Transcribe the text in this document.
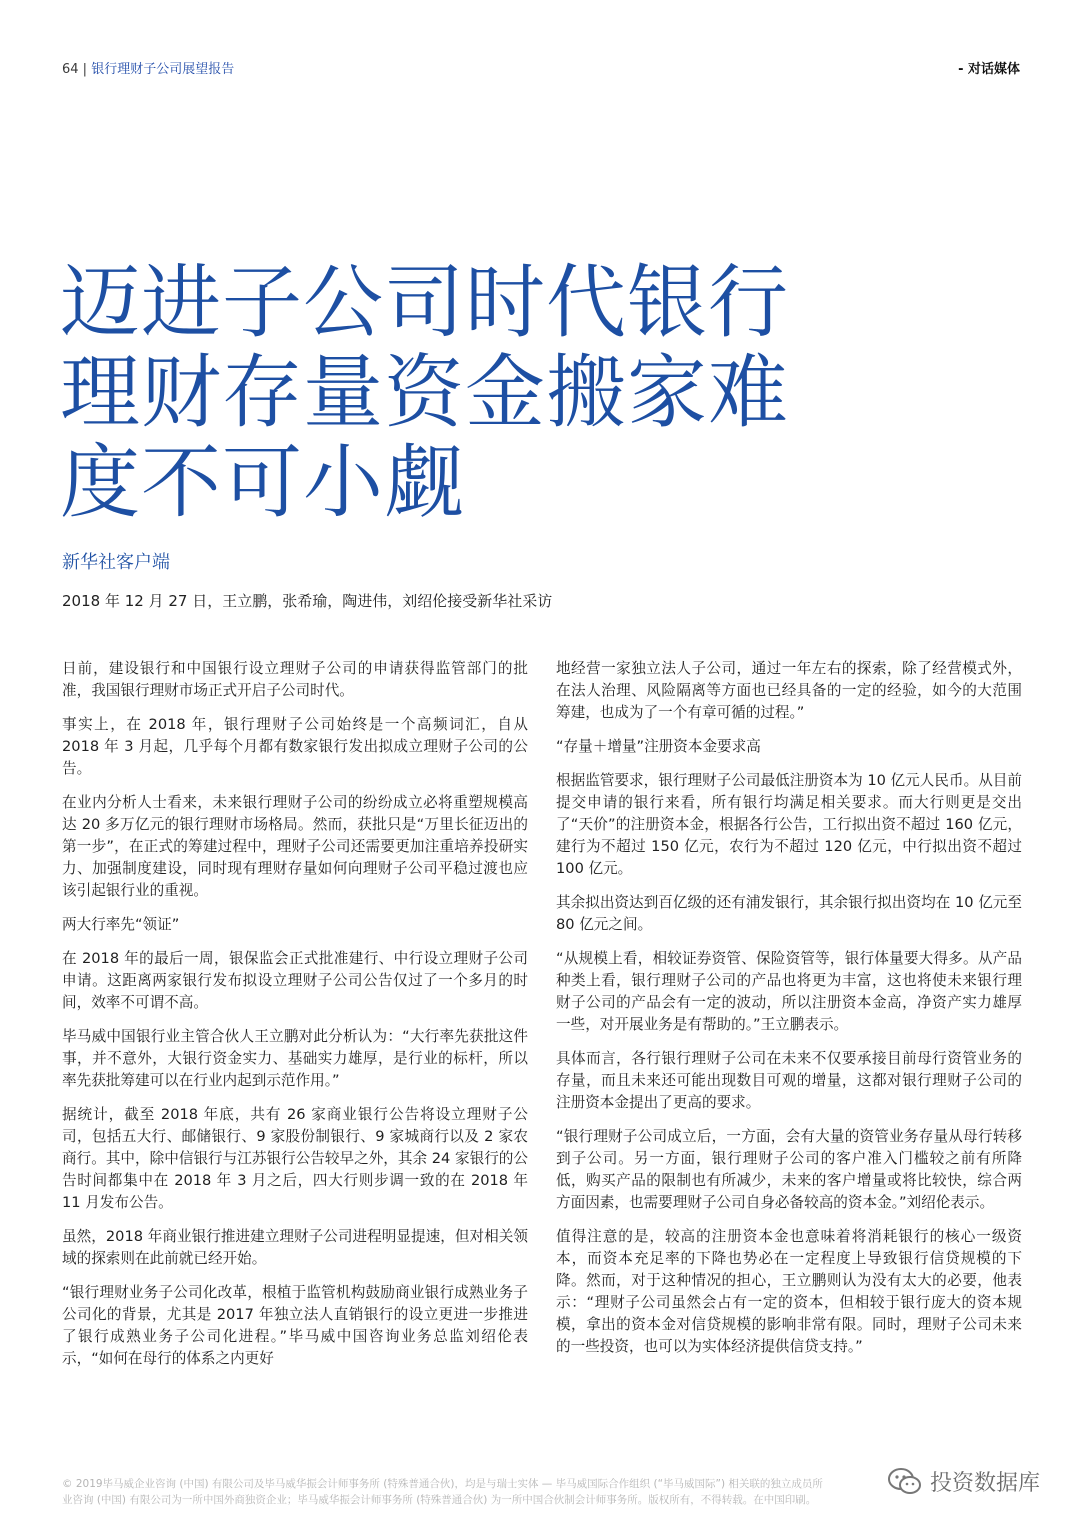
64 | 银行理财子公司展望报告	- 对话媒体
迈进子公司时代银行
理财存量资金搬家难
度不可小觑
新华社客户端
2018 年 12 月 27 日，王立鹏，张希瑜，陶进伟，刘绍伦接受新华社采访

日前，建设银行和中国银行设立理财子公司的申请获得监管部门的批准，我国银行理财市场正式开启子公司时代。

事实上，在 2018 年，银行理财子公司始终是一个高频词汇，自从 2018 年 3 月起，几乎每个月都有数家银行发出拟成立理财子公司的公告。

在业内分析人士看来，未来银行理财子公司的纷纷成立必将重塑规模高达 20 多万亿元的银行理财市场格局。然而，获批只是“万里长征迈出的第一步”，在正式的筹建过程中，理财子公司还需要更加注重培养投研实力、加强制度建设，同时现有理财存量如何向理财子公司平稳过渡也应该引起银行业的重视。

两大行率先“领证”

在 2018 年的最后一周，银保监会正式批准建行、中行设立理财子公司申请。这距离两家银行发布拟设立理财子公司公告仅过了一个多月的时间，效率不可谓不高。

毕马威中国银行业主管合伙人王立鹏对此分析认为：“大行率先获批这件事，并不意外，大银行资金实力、基础实力雄厚，是行业的标杆，所以率先获批筹建可以在行业内起到示范作用。”

据统计，截至 2018 年底，共有 26 家商业银行公告将设立理财子公司，包括五大行、邮储银行、9 家股份制银行、9 家城商行以及 2 家农商行。其中，除中信银行与江苏银行公告较早之外，其余 24 家银行的公告时间都集中在 2018 年 3 月之后，四大行则步调一致的在 2018 年 11 月发布公告。

虽然，2018 年商业银行推进建立理财子公司进程明显提速，但对相关领域的探索则在此前就已经开始。

“银行理财业务子公司化改革，根植于监管机构鼓励商业银行成熟业务子公司化的背景，尤其是 2017 年独立法人直销银行的设立更进一步推进了银行成熟业务子公司化进程。”毕马威中国咨询业务总监刘绍伦表示，“如何在母行的体系之内更好

地经营一家独立法人子公司，通过一年左右的探索，除了经营模式外，在法人治理、风险隔离等方面也已经具备的一定的经验，如今的大范围筹建，也成为了一个有章可循的过程。”

“存量＋增量”注册资本金要求高

根据监管要求，银行理财子公司最低注册资本为 10 亿元人民币。从目前提交申请的银行来看，所有银行均满足相关要求。而大行则更是交出了“天价”的注册资本金，根据各行公告，工行拟出资不超过 160 亿元，建行为不超过 150 亿元，农行为不超过 120 亿元，中行拟出资不超过 100 亿元。

其余拟出资达到百亿级的还有浦发银行，其余银行拟出资均在 10 亿元至 80 亿元之间。

“从规模上看，相较证券资管、保险资管等，银行体量要大得多。从产品种类上看，银行理财子公司的产品也将更为丰富，这也将使未来银行理财子公司的产品会有一定的波动，所以注册资本金高，净资产实力雄厚一些，对开展业务是有帮助的。”王立鹏表示。

具体而言，各行银行理财子公司在未来不仅要承接目前母行资管业务的存量，而且未来还可能出现数目可观的增量，这都对银行理财子公司的注册资本金提出了更高的要求。

“银行理财子公司成立后，一方面，会有大量的资管业务存量从母行转移到子公司。另一方面，银行理财子公司的客户准入门槛较之前有所降低，购买产品的限制也有所减少，未来的客户增量或将比较快，综合两方面因素，也需要理财子公司自身必备较高的资本金。”刘绍伦表示。

值得注意的是，较高的注册资本金也意味着将消耗银行的核心一级资本，而资本充足率的下降也势必在一定程度上导致银行信贷规模的下降。然而，对于这种情况的担心，王立鹏则认为没有太大的必要，他表示：“理财子公司虽然会占有一定的资本，但相较于银行庞大的资本规模，拿出的资本金对信贷规模的影响非常有限。同时，理财子公司未来的一些投资，也可以为实体经济提供信贷支持。”

© 2019毕马威企业咨询 (中国) 有限公司及毕马威华振会计师事务所 (特殊普通合伙)，均是与瑞士实体 — 毕马威国际合作组织 (“毕马威国际”) 相关联的独立成员所
业咨询 (中国) 有限公司为一所中国外商独资企业；毕马威华振会计师事务所 (特殊普通合伙) 为一所中国合伙制会计师事务所。版权所有，不得转载。在中国印刷。
投资数据库
